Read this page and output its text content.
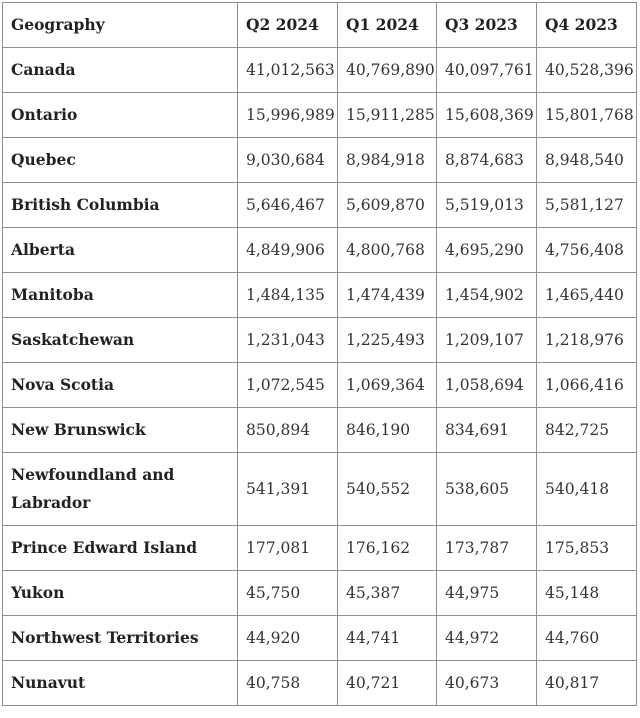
Geography	Q2 2024	Q1 2024	Q3 2023	Q4 2023
Canada	41,012,563	40,769,890	40,097,761	40,528,396
Ontario	15,996,989	15,911,285	15,608,369	15,801,768
Quebec	9,030,684	8,984,918	8,874,683	8,948,540
British Columbia	5,646,467	5,609,870	5,519,013	5,581,127
Alberta	4,849,906	4,800,768	4,695,290	4,756,408
Manitoba	1,484,135	1,474,439	1,454,902	1,465,440
Saskatchewan	1,231,043	1,225,493	1,209,107	1,218,976
Nova Scotia	1,072,545	1,069,364	1,058,694	1,066,416
New Brunswick	850,894	846,190	834,691	842,725
Newfoundland and Labrador	541,391	540,552	538,605	540,418
Prince Edward Island	177,081	176,162	173,787	175,853
Yukon	45,750	45,387	44,975	45,148
Northwest Territories	44,920	44,741	44,972	44,760
Nunavut	40,758	40,721	40,673	40,817
